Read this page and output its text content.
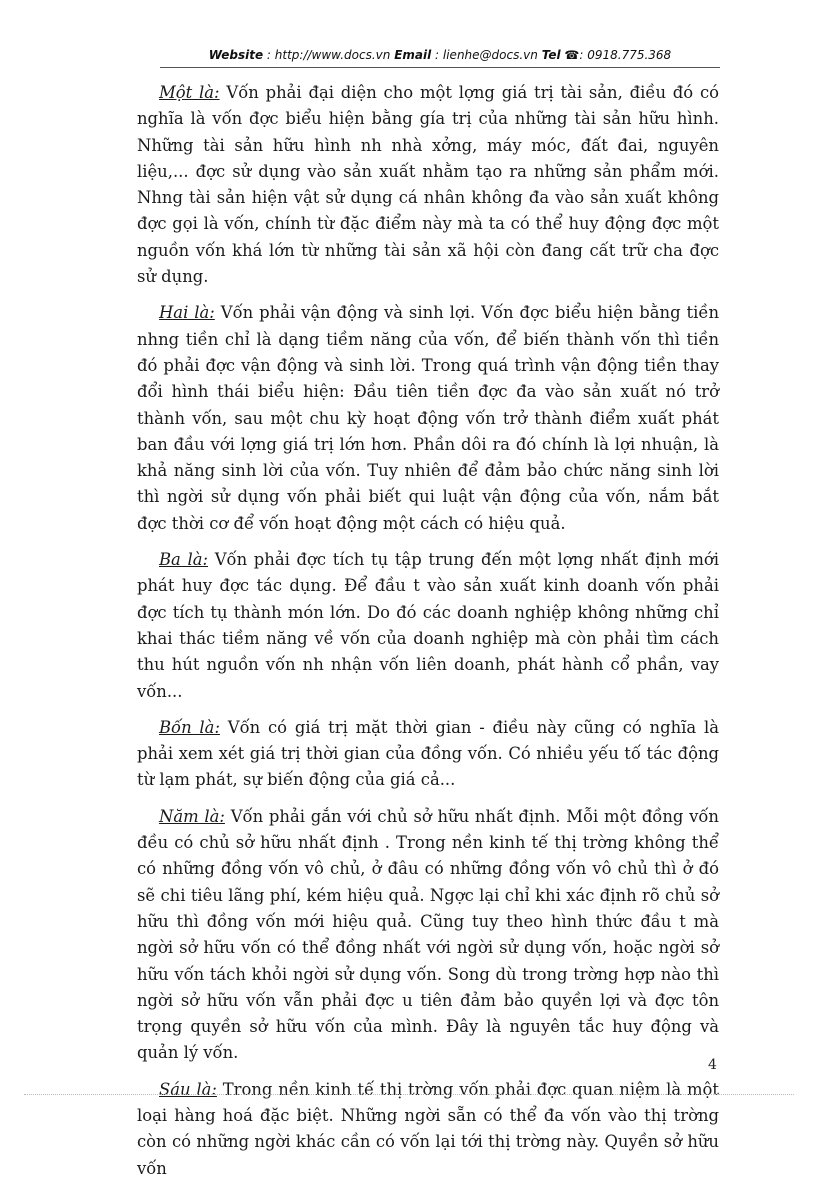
Website : http://www.docs.vn Email : lienhe@docs.vn Tel ☎: 0918.775.368

Một là: Vốn phải đại diện cho một lợng giá trị tài sản, điều đó có nghĩa là vốn đợc biểu hiện bằng gía trị của những tài sản hữu hình. Những tài sản hữu hình nh nhà xởng, máy móc, đất đai, nguyên liệu,... đợc sử dụng vào sản xuất nhằm tạo ra những sản phẩm mới. Nhng tài sản hiện vật sử dụng cá nhân không đa vào sản xuất không đợc gọi là vốn, chính từ đặc điểm này mà ta có thể huy động đợc một nguồn vốn khá lớn từ những tài sản xã hội còn đang cất trữ cha đợc sử dụng.

Hai là: Vốn phải vận động và sinh lợi. Vốn đợc biểu hiện bằng tiền nhng tiền chỉ là dạng tiềm năng của vốn, để biến thành vốn thì tiền đó phải đợc vận động và sinh lời. Trong quá trình vận động tiền thay đổi hình thái biểu hiện: Đầu tiên tiền đợc đa vào sản xuất nó trở thành vốn, sau một chu kỳ hoạt động vốn trở thành điểm xuất phát ban đầu với lợng giá trị lớn hơn. Phần dôi ra đó chính là lợi nhuận, là khả năng sinh lời của vốn. Tuy nhiên để đảm bảo chức năng sinh lời thì ngời sử dụng vốn phải biết qui luật vận động của vốn, nắm bắt đợc thời cơ để vốn hoạt động một cách có hiệu quả.

Ba là: Vốn phải đợc tích tụ tập trung đến một lợng nhất định mới phát huy đợc tác dụng. Để đầu t vào sản xuất kinh doanh vốn phải đợc tích tụ thành món lớn. Do đó các doanh nghiệp không những chỉ khai thác tiềm năng về vốn của doanh nghiệp mà còn phải tìm cách thu hút nguồn vốn nh nhận vốn liên doanh, phát hành cổ phần, vay vốn...

Bốn là: Vốn có giá trị mặt thời gian - điều này cũng có nghĩa là phải xem xét giá trị thời gian của đồng vốn. Có nhiều yếu tố tác động từ lạm phát, sự biến động của giá cả...

Năm là: Vốn phải gắn với chủ sở hữu nhất định. Mỗi một đồng vốn đều có chủ sở hữu nhất định . Trong nền kinh tế thị trờng không thể có những đồng vốn vô chủ, ở đâu có những đồng vốn vô chủ thì ở đó sẽ chi tiêu lãng phí, kém hiệu quả. Ngợc lại chỉ khi xác định rõ chủ sở hữu thì đồng vốn mới hiệu quả. Cũng tuy theo hình thức đầu t mà ngời sở hữu vốn có thể đồng nhất với ngời sử dụng vốn, hoặc ngời sở hữu vốn tách khỏi ngời sử dụng vốn. Song dù trong trờng hợp nào thì ngời sở hữu vốn vẫn phải đợc u tiên đảm bảo quyền lợi và đợc tôn trọng quyền sở hữu vốn của mình. Đây là nguyên tắc huy động và quản lý vốn.

Sáu là: Trong nền kinh tế thị trờng vốn phải đợc quan niệm là một loại hàng hoá đặc biệt. Những ngời sẵn có thể đa vốn vào thị trờng còn có những ngời khác cần có vốn lại tới thị trờng này. Quyền sở hữu vốn

4
